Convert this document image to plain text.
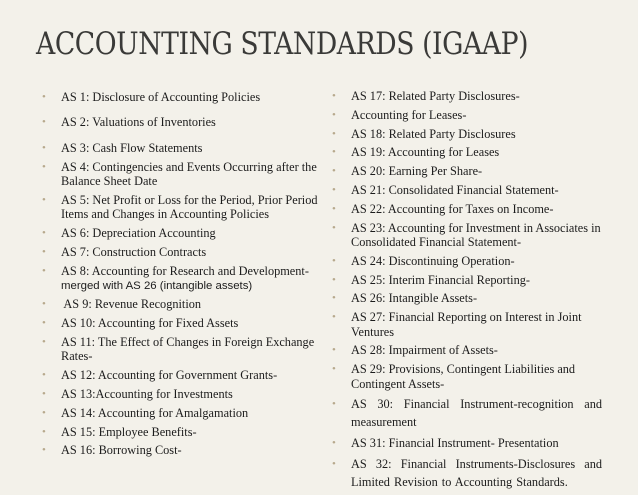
ACCOUNTING STANDARDS (IGAAP)
• AS 1: Disclosure of Accounting Policies
• AS 2: Valuations of Inventories
• AS 3: Cash Flow Statements
• AS 4: Contingencies and Events Occurring after the Balance Sheet Date
• AS 5: Net Profit or Loss for the Period, Prior Period Items and Changes in Accounting Policies
• AS 6: Depreciation Accounting
• AS 7: Construction Contracts
• AS 8: Accounting for Research and Development-
merged with AS 26 (intangible assets)
•  AS 9: Revenue Recognition
• AS 10: Accounting for Fixed Assets
• AS 11: The Effect of Changes in Foreign Exchange Rates-
• AS 12: Accounting for Government Grants-
• AS 13:Accounting for Investments
• AS 14: Accounting for Amalgamation
• AS 15: Employee Benefits-
• AS 16: Borrowing Cost-
• AS 17: Related Party Disclosures-
• Accounting for Leases-
• AS 18: Related Party Disclosures
• AS 19: Accounting for Leases
• AS 20: Earning Per Share-
• AS 21: Consolidated Financial Statement-
• AS 22: Accounting for Taxes on Income-
• AS 23: Accounting for Investment in Associates in Consolidated Financial Statement-
• AS 24: Discontinuing Operation-
• AS 25: Interim Financial Reporting-
• AS 26: Intangible Assets-
• AS 27: Financial Reporting on Interest in Joint Ventures
• AS 28: Impairment of Assets-
• AS 29: Provisions, Contingent Liabilities and Contingent Assets-
• AS 30: Financial Instrument-recognition and measurement
• AS 31: Financial Instrument- Presentation
• AS 32: Financial Instruments-Disclosures and Limited Revision to Accounting Standards.
